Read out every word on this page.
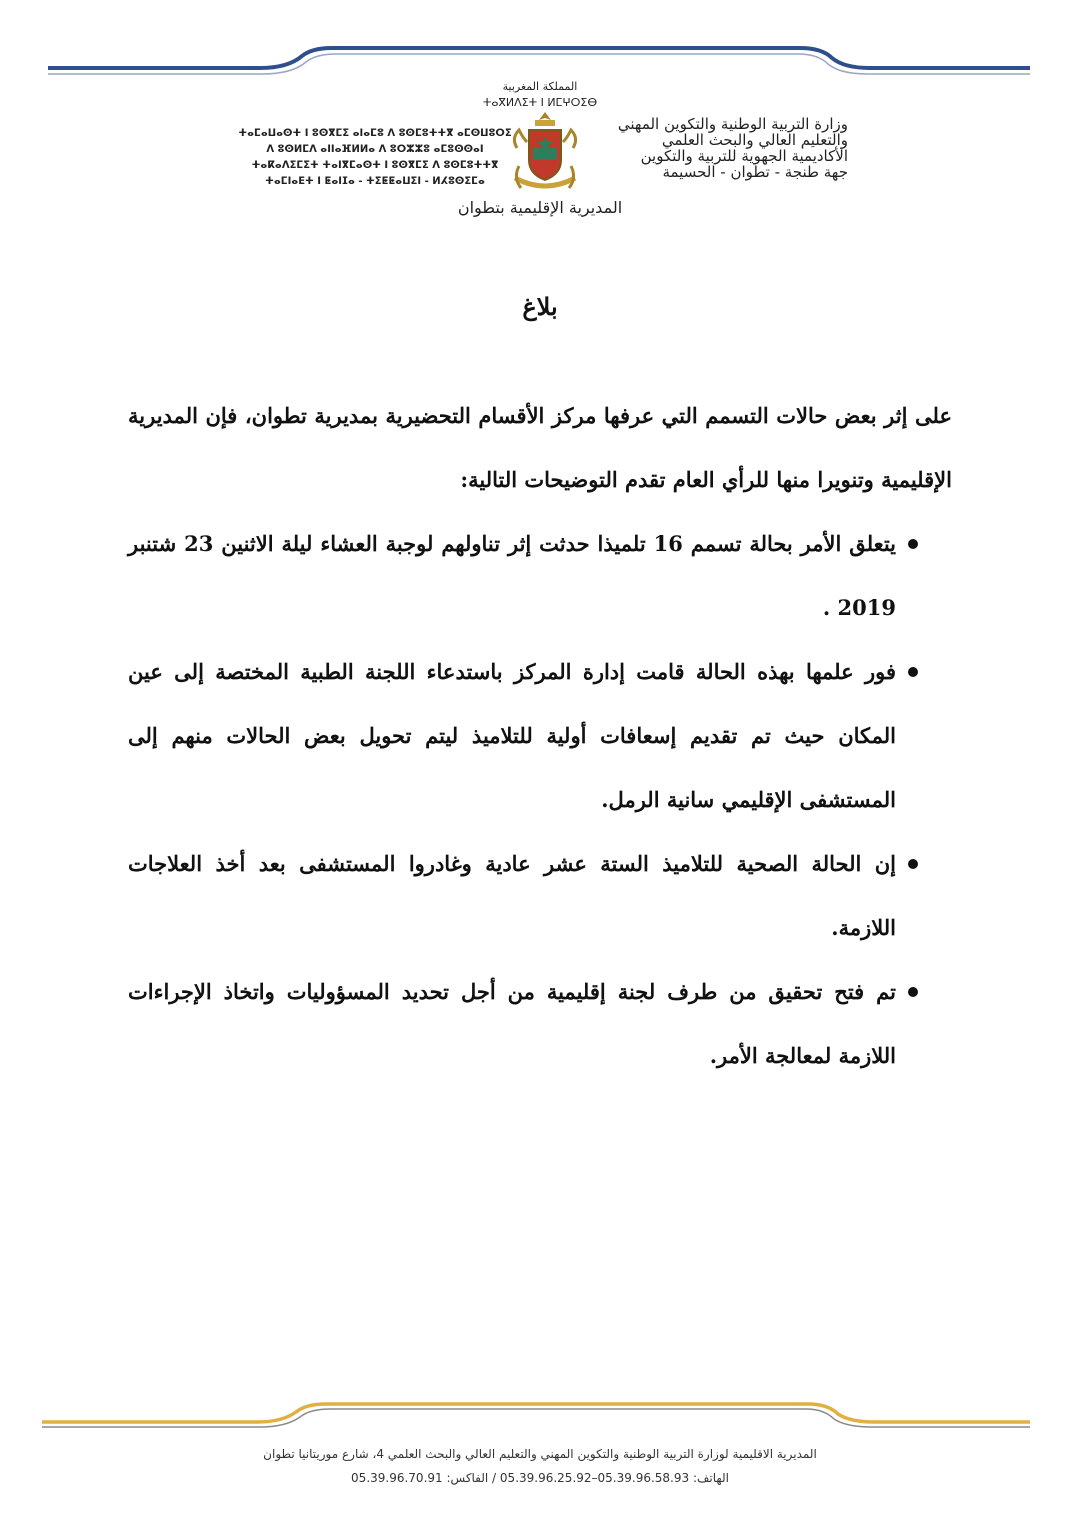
المملكة المغربية
ⵜⴰⴳⵍⴷⵉⵜ ⵏ ⵍⵎⵖⵔⵉⴱ
ⵜⴰⵎⴰⵡⴰⵙⵜ ⵏ ⵓⵙⴳⵎⵉ ⴰⵏⴰⵎⵓ ⴷ ⵓⵙⵎⵓⵜⵜⴳ ⴰⵎⵙⵡⵓⵔⵉ
ⴷ ⵓⵙⵍⵎⴷ ⴰⵏⵏⴰⴼⵍⵍⴰ ⴷ ⵓⵔⵣⵣⵓ ⴰⵎⵓⵙⵙⴰⵏ
ⵜⴰⴽⴰⴷⵉⵎⵉⵜ ⵜⴰⵏⴳⵎⴰⵙⵜ ⵏ ⵓⵙⴳⵎⵉ ⴷ ⵓⵙⵎⵓⵜⵜⴳ
ⵜⴰⵎⵏⴰⴹⵜ ⵏ ⵟⴰⵏⵊⴰ - ⵜⵉⵟⵟⴰⵡⵉⵏ - ⵍⵃⵓⵙⵉⵎⴰ
وزارة التربية الوطنية والتكوين المهني
والتعليم العالي والبحث العلمي
الأكاديمية الجهوية للتربية والتكوين
جهة طنجة - تطوان - الحسيمة
المديرية الإقليمية بتطوان
بلاغ

على إثر بعض حالات التسمم التي عرفها مركز الأقسام التحضيرية بمديرية تطوان، فإن المديرية الإقليمية وتنويرا منها للرأي العام تقدم التوضيحات التالية:

يتعلق الأمر بحالة تسمم 16 تلميذا حدثت إثر تناولهم لوجبة العشاء ليلة الاثنين 23 شتنبر 2019 .
فور علمها بهذه الحالة قامت إدارة المركز باستدعاء اللجنة الطبية المختصة إلى عين المكان حيث تم تقديم إسعافات أولية للتلاميذ ليتم تحويل بعض الحالات منهم إلى المستشفى الإقليمي سانية الرمل.
إن الحالة الصحية للتلاميذ الستة عشر عادية وغادروا المستشفى بعد أخذ العلاجات اللازمة.
تم فتح تحقيق من طرف لجنة إقليمية من أجل تحديد المسؤوليات واتخاذ الإجراءات اللازمة لمعالجة الأمر.
المديرية الاقليمية لوزارة التربية الوطنية والتكوين المهني والتعليم العالي والبحث العلمي 4، شارع موريتانيا تطوان
الهاتف: 05.39.96.58.93–05.39.96.25.92 / الفاكس: 05.39.96.70.91
